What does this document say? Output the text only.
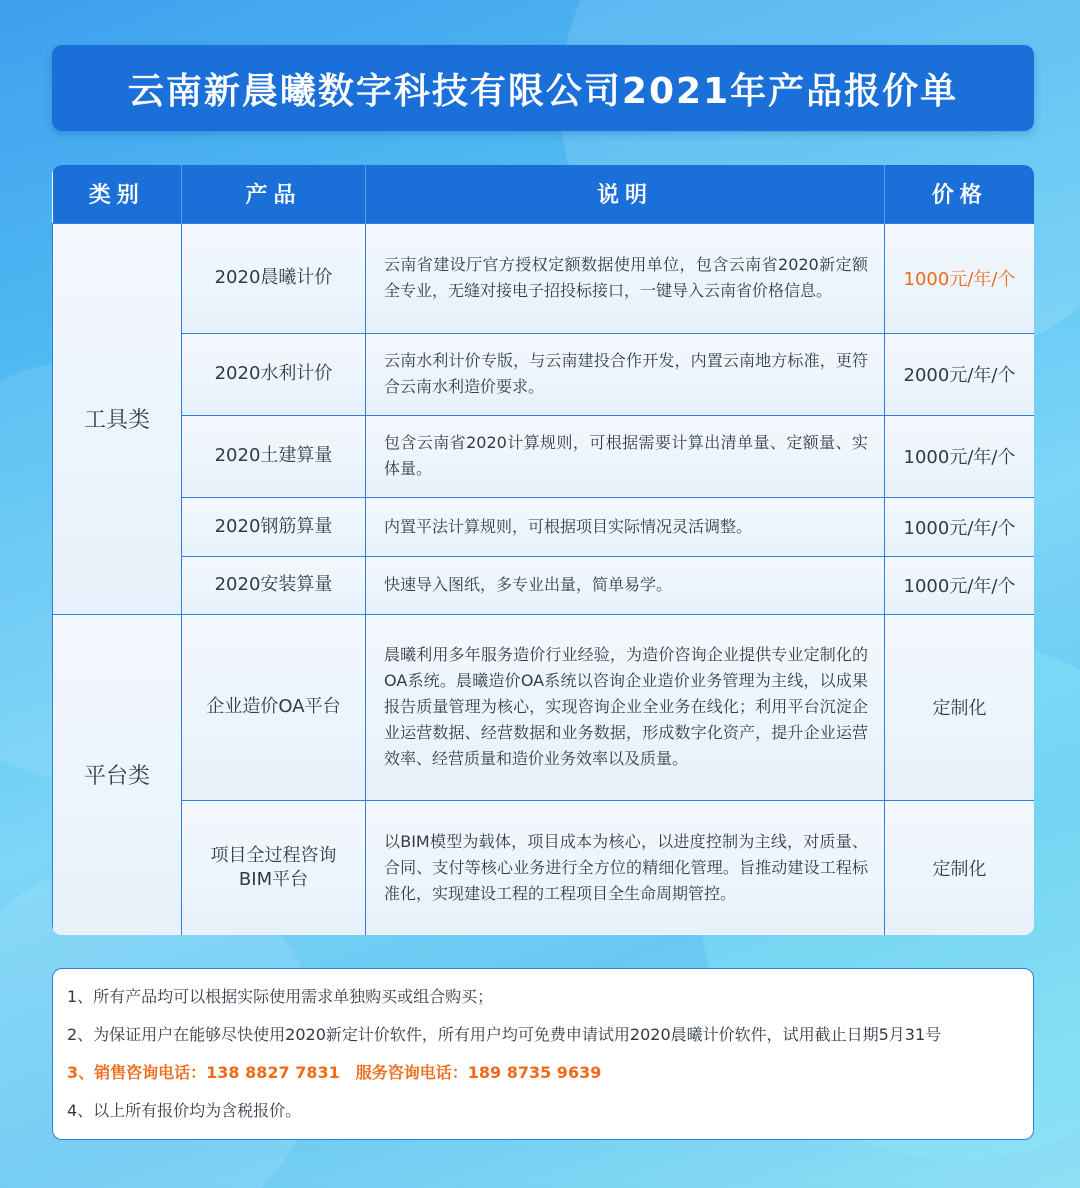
云南新晨曦数字科技有限公司2021年产品报价单
类别	产品	说明	价格
工具类	2020晨曦计价	云南省建设厅官方授权定额数据使用单位，包含云南省2020新定额全专业，无缝对接电子招投标接口，一键导入云南省价格信息。	1000元/年/个
	2020水利计价	云南水利计价专版，与云南建投合作开发，内置云南地方标准，更符合云南水利造价要求。	2000元/年/个
	2020土建算量	包含云南省2020计算规则，可根据需要计算出清单量、定额量、实体量。	1000元/年/个
	2020钢筋算量	内置平法计算规则，可根据项目实际情况灵活调整。	1000元/年/个
	2020安装算量	快速导入图纸，多专业出量，简单易学。	1000元/年/个
平台类	企业造价OA平台	晨曦利用多年服务造价行业经验，为造价咨询企业提供专业定制化的OA系统。晨曦造价OA系统以咨询企业造价业务管理为主线，以成果报告质量管理为核心，实现咨询企业全业务在线化；利用平台沉淀企业运营数据、经营数据和业务数据，形成数字化资产，提升企业运营效率、经营质量和造价业务效率以及质量。	定制化
	项目全过程咨询BIM平台	以BIM模型为载体，项目成本为核心，以进度控制为主线，对质量、合同、支付等核心业务进行全方位的精细化管理。旨推动建设工程标准化，实现建设工程的工程项目全生命周期管控。	定制化
1、所有产品均可以根据实际使用需求单独购买或组合购买；
2、为保证用户在能够尽快使用2020新定计价软件，所有用户均可免费申请试用2020晨曦计价软件，试用截止日期5月31号
3、销售咨询电话：138 8827 7831　服务咨询电话：189 8735 9639
4、以上所有报价均为含税报价。
